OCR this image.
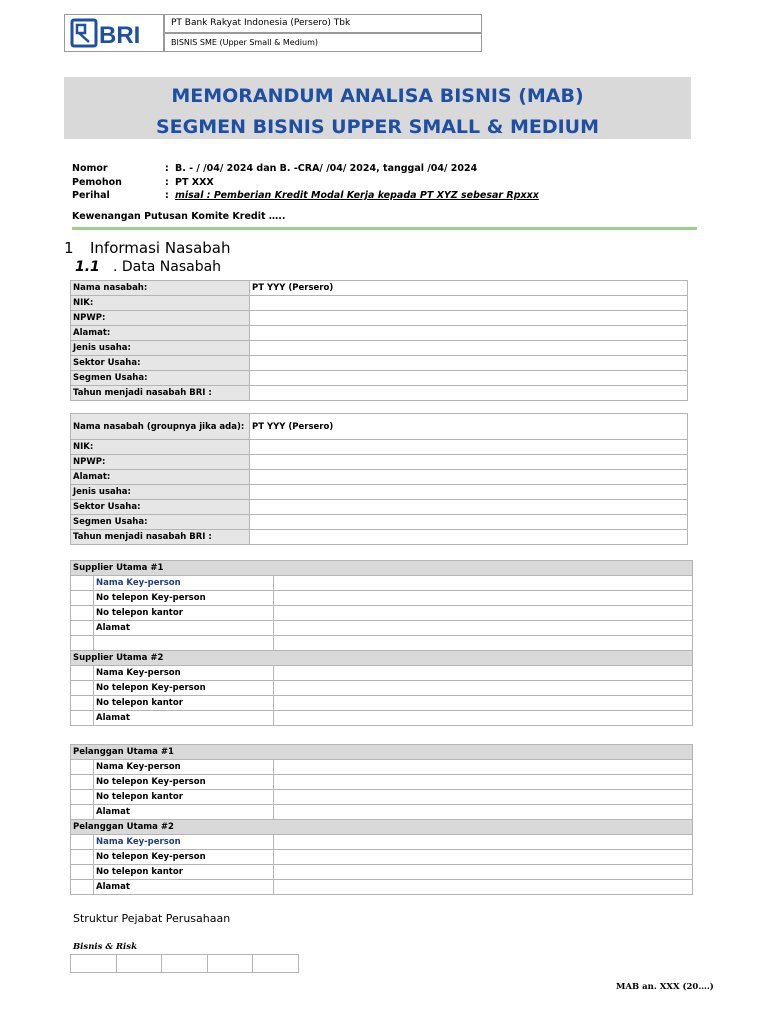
BRI	PT Bank Rakyat Indonesia (Persero) Tbk
BISNIS SME (Upper Small & Medium)
MEMORANDUM ANALISA BISNIS (MAB)
SEGMEN BISNIS UPPER SMALL & MEDIUM
Nomor	: B. - / /04/ 2024 dan B. -CRA/ /04/ 2024, tanggal /04/ 2024
Pemohon	: PT XXX
Perihal	: misal : Pemberian Kredit Modal Kerja kepada PT XYZ sebesar Rpxxx
Kewenangan Putusan Komite Kredit …..
1 Informasi Nasabah
1.1 . Data Nasabah
Nama nasabah:	PT YYY (Persero)
NIK:	
NPWP:	
Alamat:	
Jenis usaha:	
Sektor Usaha:	
Segmen Usaha:	
Tahun menjadi nasabah BRI :	
Nama nasabah (groupnya jika ada):	PT YYY (Persero)
NIK:	
NPWP:	
Alamat:	
Jenis usaha:	
Sektor Usaha:	
Segmen Usaha:	
Tahun menjadi nasabah BRI :	
Supplier Utama #1		
	Nama Key-person	
	No telepon Key-person	
	No telepon kantor	
	Alamat	

Supplier Utama #2		
	Nama Key-person	
	No telepon Key-person	
	No telepon kantor	
	Alamat	
Pelanggan Utama #1		
	Nama Key-person	
	No telepon Key-person	
	No telepon kantor	
	Alamat	
Pelanggan Utama #2		
	Nama Key-person	
	No telepon Key-person	
	No telepon kantor	
	Alamat	
Struktur Pejabat Perusahaan
Bisnis & Risk

MAB an. XXX (20….)
